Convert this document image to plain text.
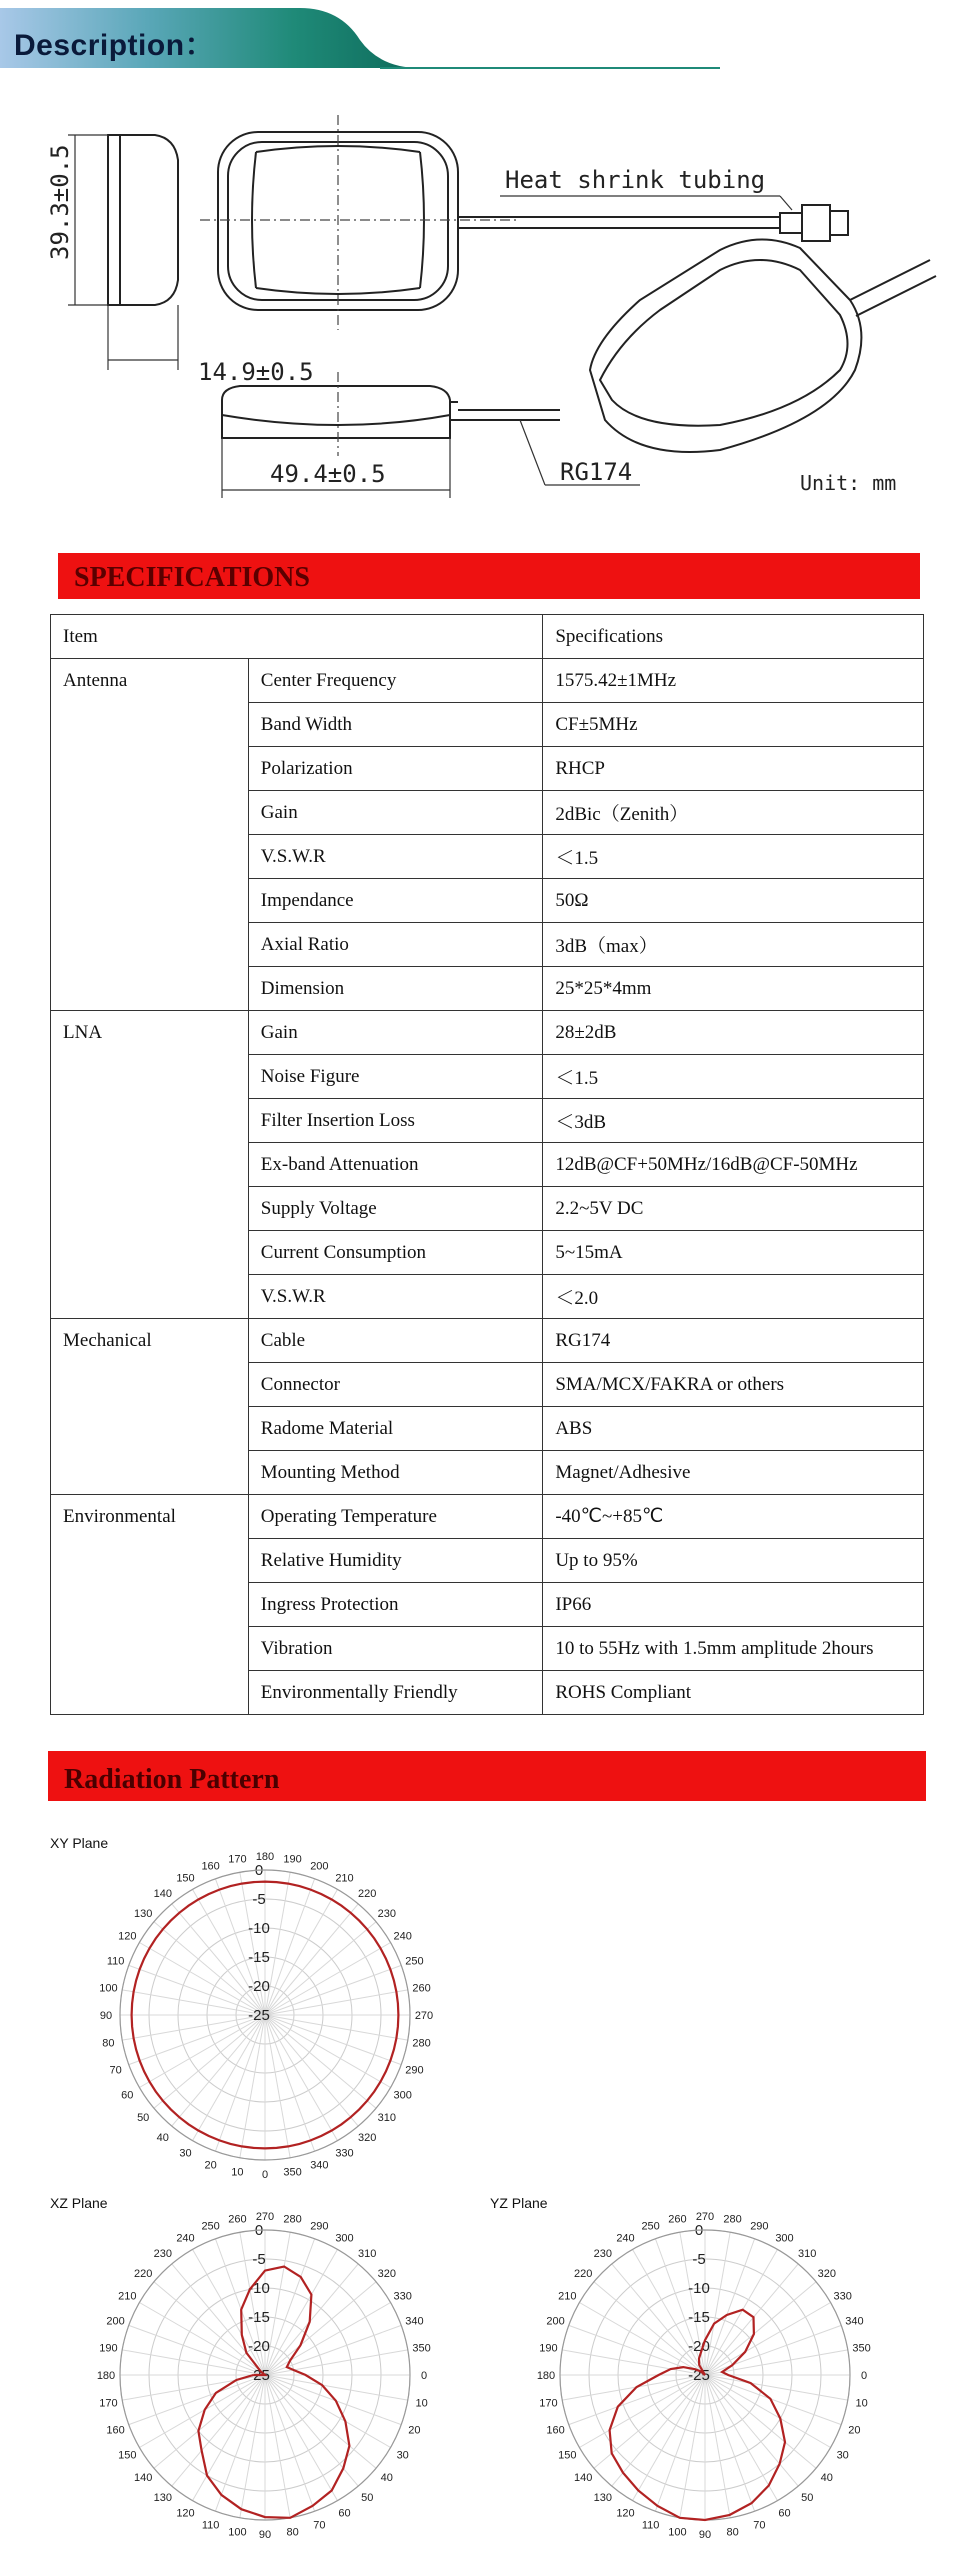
Description：
39.3±0.5
14.9±0.5
49.4±0.5
Heat shrink tubing
RG174	Unit: mm
SPECIFICATIONS
Item		Specifications
Antenna	Center Frequency	1575.42±1MHz
	Band Width	CF±5MHz
	Polarization	RHCP
	Gain	2dBic（Zenith）
	V.S.W.R	＜1.5
	Impendance	50Ω
	Axial Ratio	3dB（max）
	Dimension	25*25*4mm
LNA	Gain	28±2dB
	Noise Figure	＜1.5
	Filter Insertion Loss	＜3dB
	Ex-band Attenuation	12dB@CF+50MHz/16dB@CF-50MHz
	Supply Voltage	2.2~5V DC
	Current Consumption	5~15mA
	V.S.W.R	＜2.0
Mechanical	Cable	RG174
	Connector	SMA/MCX/FAKRA or others
	Radome Material	ABS
	Mounting Method	Magnet/Adhesive
Environmental	Operating Temperature	-40℃~+85℃
	Relative Humidity	Up to 95%
	Ingress Protection	IP66
	Vibration	10 to 55Hz with 1.5mm amplitude 2hours
	Environmentally Friendly	ROHS Compliant
Radiation Pattern
XY Plane
0
10
20
30
40
50
60
70
80
90
100
110
120
130
140
150
160
170 180 190
200
210
220
230
240
250
260
270
280
290
300
310
320
330
340
350
0
-5
-10
-15
-20
-25
XZ Plane
0
10
20
30
40
50
60
70
80
90
100
110
120
130
140
150
160
170
180
190
200
210
220
230
240
250
260 270 280
290
300
310
320
330
340
350
0
-5
-10
-15
-20
-25
YZ Plane
0
10
20
30
40
50
60
70
80
90
100
110
120
130
140
150
160
170
180
190
200
210
220
230
240
250
260 270 280
290
300
310
320
330
340
350
0
-5
-10
-15
-20
-25
